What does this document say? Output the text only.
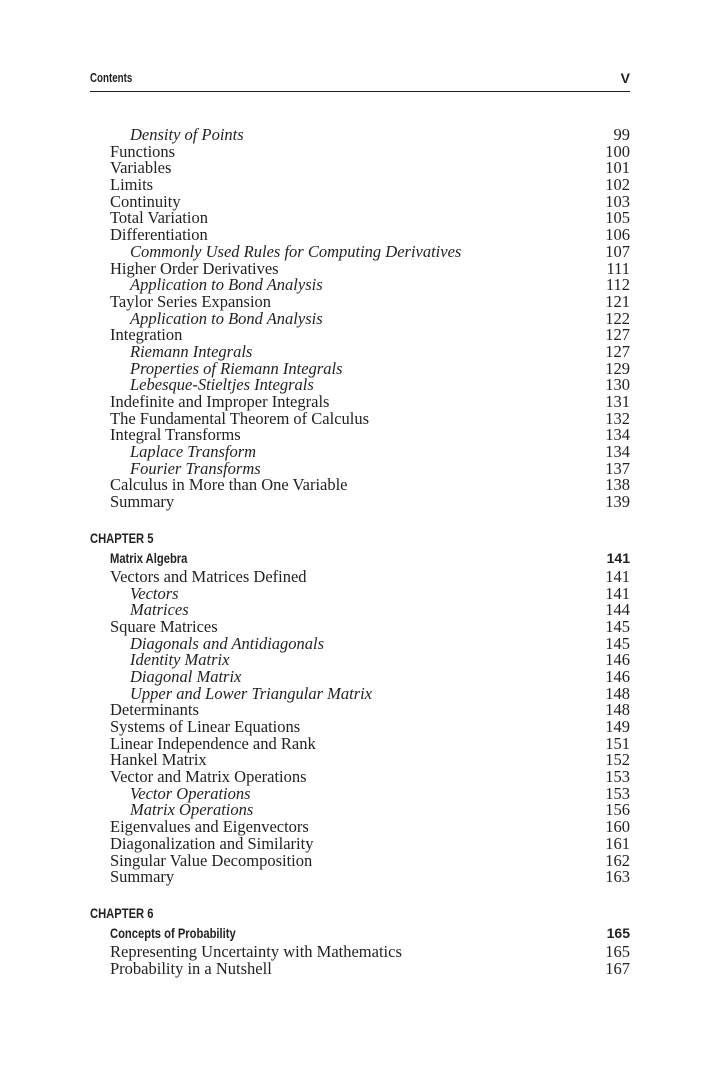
Contents	V
Density of Points	99
Functions	100
Variables	101
Limits	102
Continuity	103
Total Variation	105
Differentiation	106
Commonly Used Rules for Computing Derivatives	107
Higher Order Derivatives	111
Application to Bond Analysis	112
Taylor Series Expansion	121
Application to Bond Analysis	122
Integration	127
Riemann Integrals	127
Properties of Riemann Integrals	129
Lebesque-Stieltjes Integrals	130
Indefinite and Improper Integrals	131
The Fundamental Theorem of Calculus	132
Integral Transforms	134
Laplace Transform	134
Fourier Transforms	137
Calculus in More than One Variable	138
Summary	139
CHAPTER 5
Matrix Algebra	141
Vectors and Matrices Defined	141
Vectors	141
Matrices	144
Square Matrices	145
Diagonals and Antidiagonals	145
Identity Matrix	146
Diagonal Matrix	146
Upper and Lower Triangular Matrix	148
Determinants	148
Systems of Linear Equations	149
Linear Independence and Rank	151
Hankel Matrix	152
Vector and Matrix Operations	153
Vector Operations	153
Matrix Operations	156
Eigenvalues and Eigenvectors	160
Diagonalization and Similarity	161
Singular Value Decomposition	162
Summary	163
CHAPTER 6
Concepts of Probability	165
Representing Uncertainty with Mathematics	165
Probability in a Nutshell	167
